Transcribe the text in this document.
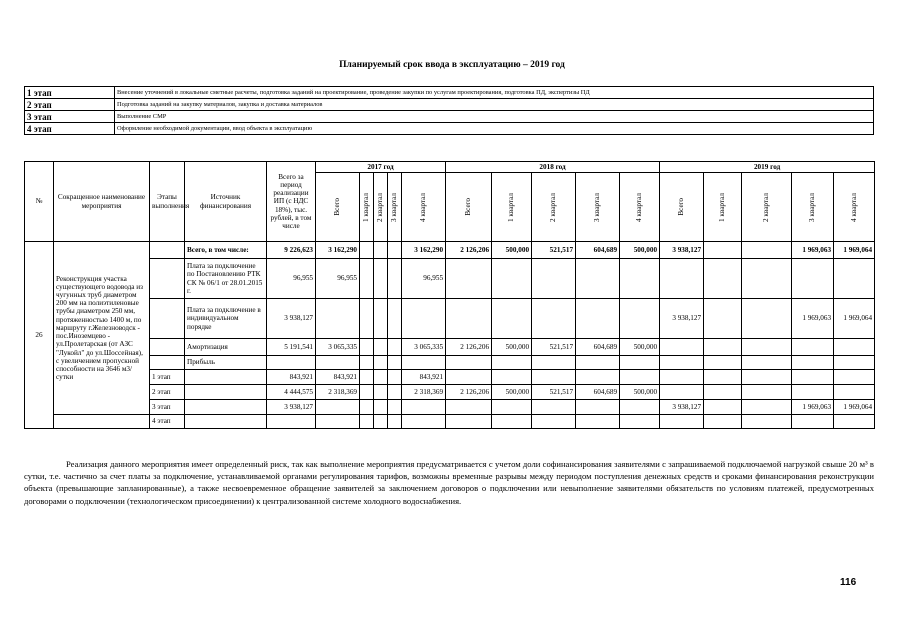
Планируемый срок ввода в эксплуатацию – 2019 год
1 этап	Внесение уточнений в локальные сметные расчеты, подготовка заданий на проектирование, проведение закупки по услугам проектирования, подготовка ПД, экспертизы ПД
2 этап	Подготовка заданий на закупку материалов, закупка и доставка материалов
3 этап	Выполнение СМР
4 этап	Оформление необходимой документации, ввод объекта в эксплуатацию
№	Сокращенное наименование мероприятия	Этапы выполнения	Источник финансирования	Всего за период реализации ИП (с НДС 18%), тыс. рублей, в том числе	2017 год					2018 год					2019 год				

					Всего	1 квартал	2 квартал	3 квартал	4 квартал	Всего	1 квартал	2 квартал	3 квартал	4 квартал	Всего	1 квартал	2 квартал	3 квартал	4 квартал

26	Реконструкция участка существующего водовода из чугунных труб диаметром 200 мм на полиэтиленовые трубы диаметром 250 мм, протяженностью 1400 м, по маршруту г.Железноводск - пос.Иноземцево - ул.Пролетарская (от АЗС "Лукойл" до ул.Шоссейная), с увеличением пропускной способности на 3646 м3/сутки		Всего, в том числе:	9 226,623	3 162,290				3 162,290	2 126,206	500,000	521,517	604,689	500,000	3 938,127			1 969,063	1 969,064
			Плата за подключение по Постановлению РТК СК № 06/1 от 28.01.2015 г.	96,955	96,955				96,955										
			Плата за подключение в индивидуальном порядке	3 938,127											3 938,127			1 969,063	1 969,064
			Амортизация	5 191,541	3 065,335				3 065,335	2 126,206	500,000	521,517	604,689	500,000					
			Прибыль																
		1 этап		843,921	843,921				843,921										
		2 этап		4 444,575	2 318,369				2 318,369	2 126,206	500,000	521,517	604,689	500,000					
		3 этап		3 938,127											3 938,127			1 969,063	1 969,064
		4 этап																	
Реализация данного мероприятия имеет определенный риск, так как выполнение мероприятия предусматривается с учетом доли софинансирования заявителями с запрашиваемой подключаемой нагрузкой свыше 20 м³ в сутки, т.е. частично за счет платы за подключение, устанавливаемой органами регулирования тарифов, возможны временные разрывы между периодом поступления денежных средств и сроками финансирования реконструкции объекта (превышающие запланированные), а также несвоевременное обращение заявителей за заключением договоров о подключении или невыполнение заявителями обязательств по условиям платежей, предусмотренных договорами о подключении (технологическом присоединении) к централизованной системе холодного водоснабжения.
116
